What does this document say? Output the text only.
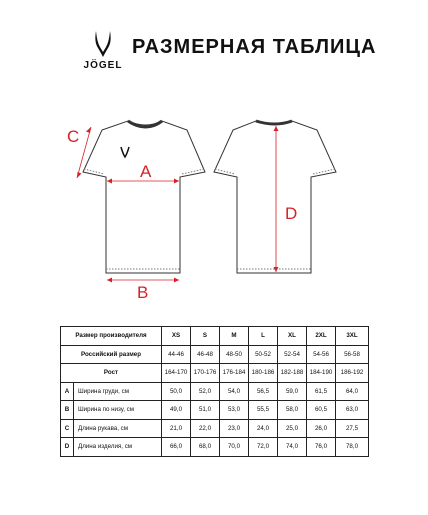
JÖGEL
РАЗМЕРНАЯ ТАБЛИЦА
A
B
C
D
Размер производителя		XS	S	M	L	XL	2XL	3XL
Российский размер		44-46	46-48	48-50	50-52	52-54	54-56	56-58
Рост		164-170	170-176	176-184	180-186	182-188	184-190	186-192
A	Ширина груди, см	50,0	52,0	54,0	56,5	59,0	61,5	64,0
B	Ширина по низу, см	49,0	51,0	53,0	55,5	58,0	60,5	63,0
C	Длина рукава, см	21,0	22,0	23,0	24,0	25,0	26,0	27,5
D	Длина изделия, см	66,0	68,0	70,0	72,0	74,0	76,0	78,0
